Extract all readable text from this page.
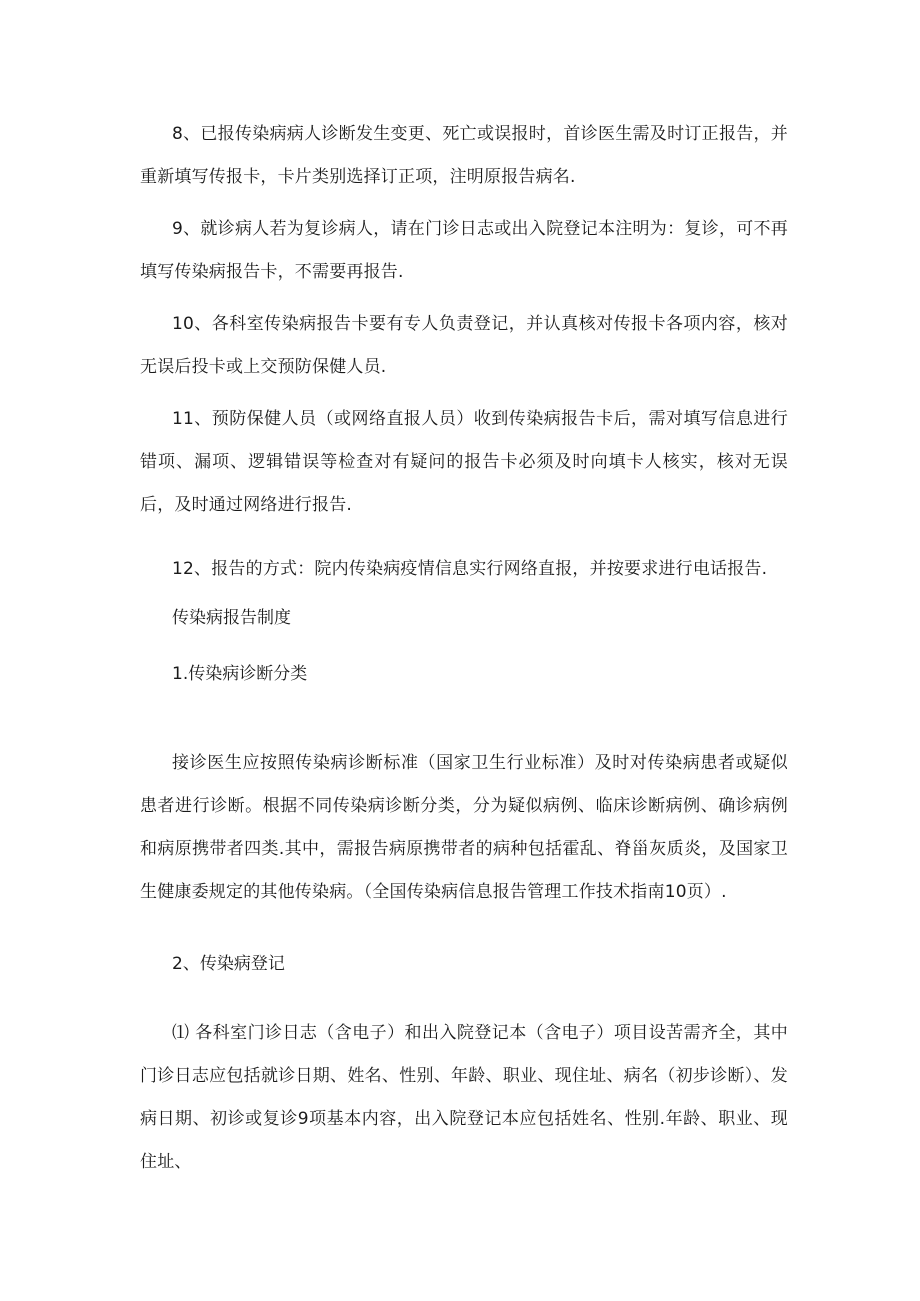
8、已报传染病病人诊断发生变更、死亡或误报时，首诊医生需及时订正报告，并重新填写传报卡，卡片类别选择订正项，注明原报告病名.

9、就诊病人若为复诊病人，请在门诊日志或出入院登记本注明为：复诊，可不再填写传染病报告卡，不需要再报告.

10、各科室传染病报告卡要有专人负责登记，并认真核对传报卡各项内容，核对无误后投卡或上交预防保健人员.

11、预防保健人员（或网络直报人员）收到传染病报告卡后，需对填写信息进行错项、漏项、逻辑错误等检查对有疑问的报告卡必须及时向填卡人核实，核对无误后，及时通过网络进行报告.

12、报告的方式：院内传染病疫情信息实行网络直报，并按要求进行电话报告.

传染病报告制度

1.传染病诊断分类

接诊医生应按照传染病诊断标准（国家卫生行业标准）及时对传染病患者或疑似患者进行诊断。根据不同传染病诊断分类，分为疑似病例、临床诊断病例、确诊病例和病原携带者四类.其中，需报告病原携带者的病种包括霍乱、脊甾灰质炎，及国家卫生健康委规定的其他传染病。（全国传染病信息报告管理工作技术指南10页）.

2、传染病登记

⑴ 各科室门诊日志（含电子）和出入院登记本（含电子）项目设苦需齐全，其中门诊日志应包括就诊日期、姓名、性别、年龄、职业、现住址、病名（初步诊断）、发病日期、初诊或复诊9项基本内容，出入院登记本应包括姓名、性别.年龄、职业、现住址、
